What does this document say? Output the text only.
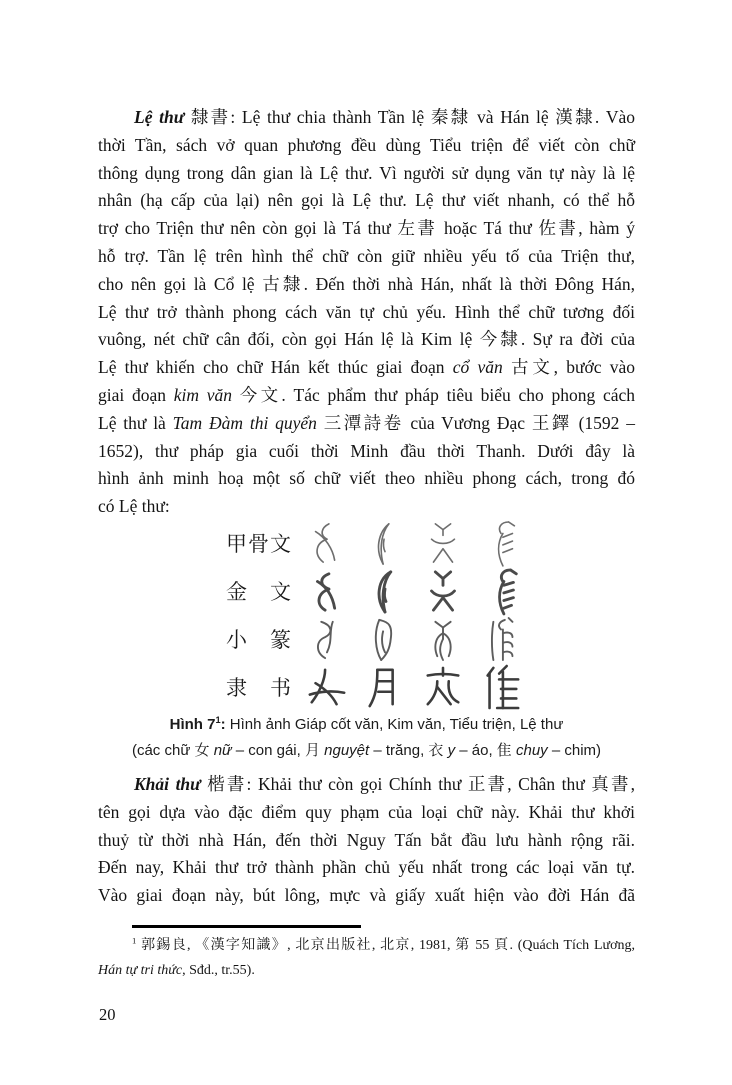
Lệ thư 隸書: Lệ thư chia thành Tần lệ 秦隸 và Hán lệ 漢隸. Vào
thời Tần, sách vở quan phương đều dùng Tiểu triện để viết còn chữ
thông dụng trong dân gian là Lệ thư. Vì người sử dụng văn tự này là lệ
nhân (hạ cấp của lại) nên gọi là Lệ thư. Lệ thư viết nhanh, có thể hỗ
trợ cho Triện thư nên còn gọi là Tá thư 左書 hoặc Tá thư 佐書, hàm ý
hỗ trợ. Tần lệ trên hình thể chữ còn giữ nhiều yếu tố của Triện thư,
cho nên gọi là Cổ lệ 古隸. Đến thời nhà Hán, nhất là thời Đông Hán,
Lệ thư trở thành phong cách văn tự chủ yếu. Hình thể chữ tương đối
vuông, nét chữ cân đối, còn gọi Hán lệ là Kim lệ 今隸. Sự ra đời của
Lệ thư khiến cho chữ Hán kết thúc giai đoạn cổ văn 古文, bước vào
giai đoạn kim văn 今文. Tác phẩm thư pháp tiêu biểu cho phong cách
Lệ thư là Tam Đàm thi quyển 三潭詩卷 của Vương Đạc 王鐸 (1592 –
1652), thư pháp gia cuối thời Minh đầu thời Thanh. Dưới đây là
hình ảnh minh hoạ một số chữ viết theo nhiều phong cách, trong đó
có Lệ thư:
甲骨文
金　文
小　篆
隶　书
Hình $7^1$: Hình ảnh Giáp cốt văn, Kim văn, Tiểu triện, Lệ thư
(các chữ 女 nữ – con gái, 月 nguyệt – trăng, 衣 y – áo, 隹 chuy – chim)
Khải thư 楷書: Khải thư còn gọi Chính thư 正書, Chân thư 真書,
tên gọi dựa vào đặc điểm quy phạm của loại chữ này. Khải thư khởi
thuỷ từ thời nhà Hán, đến thời Nguy Tấn bắt đầu lưu hành rộng rãi.
Đến nay, Khải thư trở thành phần chủ yếu nhất trong các loại văn tự.
Vào giai đoạn này, bút lông, mực và giấy xuất hiện vào đời Hán đã
$^1$ 郭錫良, 《漢字知識》, 北京出版社, 北京, 1981, 第 55 頁. (Quách Tích Lương,
Hán tự tri thức, Sđd., tr.55).
20
